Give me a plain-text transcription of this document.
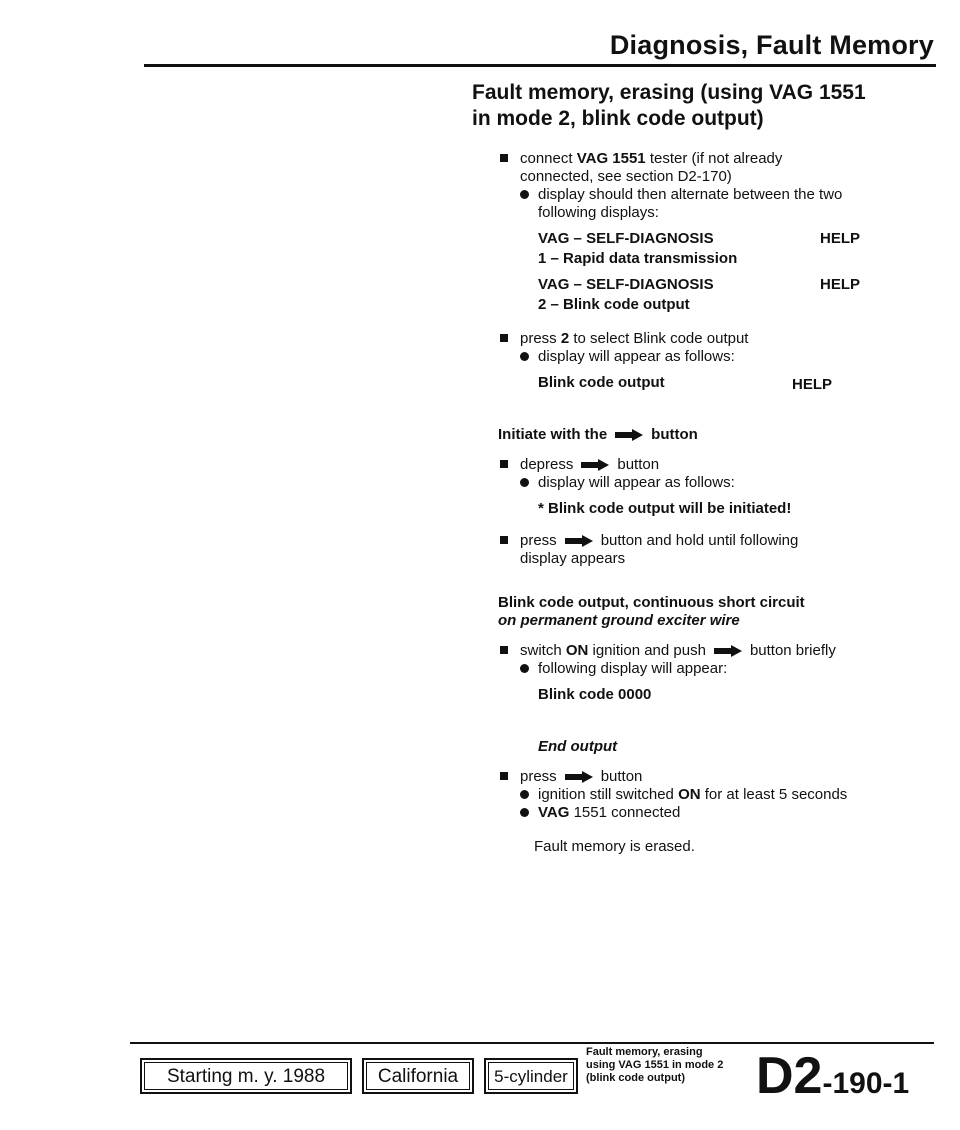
Diagnosis, Fault Memory
Fault memory, erasing (using VAG 1551
in mode 2, blink code output)
connect VAG 1551 tester (if not already
connected, see section D2-170)
display should then alternate between the two
following displays:
VAG – SELF-DIAGNOSIS	HELP
1 – Rapid data transmission
VAG – SELF-DIAGNOSIS	HELP
2 – Blink code output
press 2 to select Blink code output
display will appear as follows:
Blink code output	HELP
Initiate with the	button
depress	button
display will appear as follows:
* Blink code output will be initiated!
press	button and hold until following
display appears
Blink code output, continuous short circuit
on permanent ground exciter wire
switch ON ignition and push	button briefly
following display will appear:
Blink code 0000
End output
press	button
ignition still switched ON for at least 5 seconds
VAG 1551 connected
Fault memory is erased.
Starting m. y. 1988	California	5-cylinder
Fault memory, erasing
using VAG 1551 in mode 2
(blink code output)	D2-190-1
